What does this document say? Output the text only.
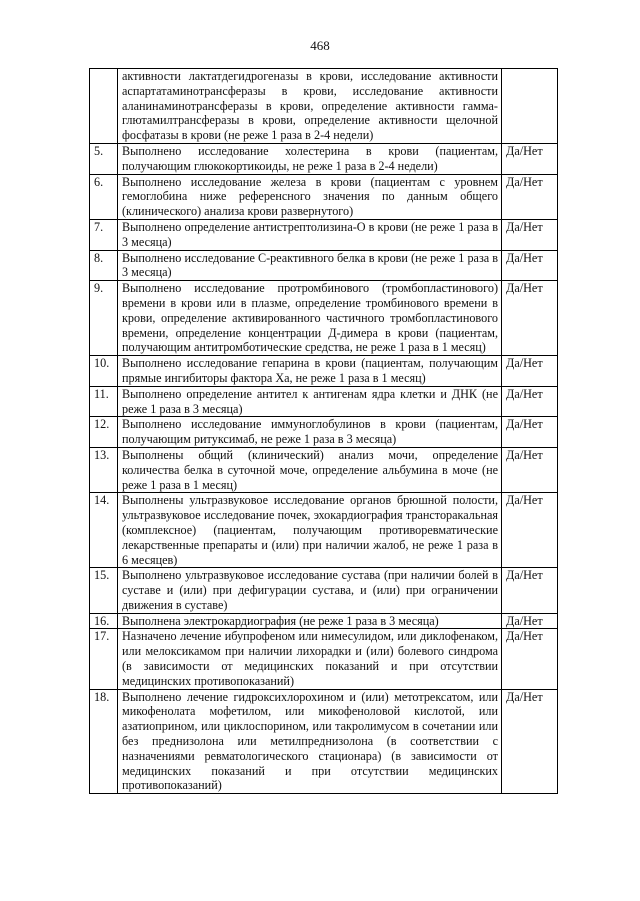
468
	активности лактатдегидрогеназы в крови, исследование активности аспартатаминотрансферазы в крови, исследование активности аланинаминотрансферазы в крови, определение активности гамма- глютамилтрансферазы в крови, определение активности щелочной фосфатазы в крови (не реже 1 раза в 2-4 недели)	
5.	Выполнено исследование холестерина в крови (пациентам, получающим глюкокортикоиды, не реже 1 раза в 2-4 недели)	Да/Нет
6.	Выполнено исследование железа в крови (пациентам с уровнем гемоглобина ниже референсного значения по данным общего (клинического) анализа крови развернутого)	Да/Нет
7.	Выполнено определение антистрептолизина-О в крови (не реже 1 раза в 3 месяца)	Да/Нет
8.	Выполнено исследование С-реактивного белка в крови (не реже 1 раза в 3 месяца)	Да/Нет
9.	Выполнено исследование протромбинового (тромбопластинового) времени в крови или в плазме, определение тромбинового времени в крови, определение активированного частичного тромбопластинового времени, определение концентрации Д-димера в крови (пациентам, получающим антитромботические средства, не реже 1 раза в 1 месяц)	Да/Нет
10.	Выполнено исследование гепарина в крови (пациентам, получающим прямые ингибиторы фактора Ха, не реже 1 раза в 1 месяц)	Да/Нет
11.	Выполнено определение антител к антигенам ядра клетки и ДНК (не реже 1 раза в 3 месяца)	Да/Нет
12.	Выполнено исследование иммуноглобулинов в крови (пациентам, получающим ритуксимаб, не реже 1 раза в 3 месяца)	Да/Нет
13.	Выполнены общий (клинический) анализ мочи, определение количества белка в суточной моче, определение альбумина в моче (не реже 1 раза в 1 месяц)	Да/Нет
14.	Выполнены ультразвуковое исследование органов брюшной полости, ультразвуковое исследование почек, эхокардиография трансторакальная (комплексное) (пациентам, получающим противоревматические лекарственные препараты и (или) при наличии жалоб, не реже 1 раза в 6 месяцев)	Да/Нет
15.	Выполнено ультразвуковое исследование сустава (при наличии болей в суставе и (или) при дефигурации сустава, и (или) при ограничении движения в суставе)	Да/Нет
16.	Выполнена электрокардиография (не реже 1 раза в 3 месяца)	Да/Нет
17.	Назначено лечение ибупрофеном или нимесулидом, или диклофенаком, или мелоксикамом при наличии лихорадки и (или) болевого синдрома (в зависимости от медицинских показаний и при отсутствии медицинских противопоказаний)	Да/Нет
18.	Выполнено лечение гидроксихлорохином и (или) метотрексатом, или микофенолата мофетилом, или микофеноловой кислотой, или азатиоприном, или циклоспорином, или такролимусом в сочетании или без преднизолона или метилпреднизолона (в соответствии с назначениями ревматологического стационара) (в зависимости от медицинских показаний и при отсутствии медицинских противопоказаний)	Да/Нет
